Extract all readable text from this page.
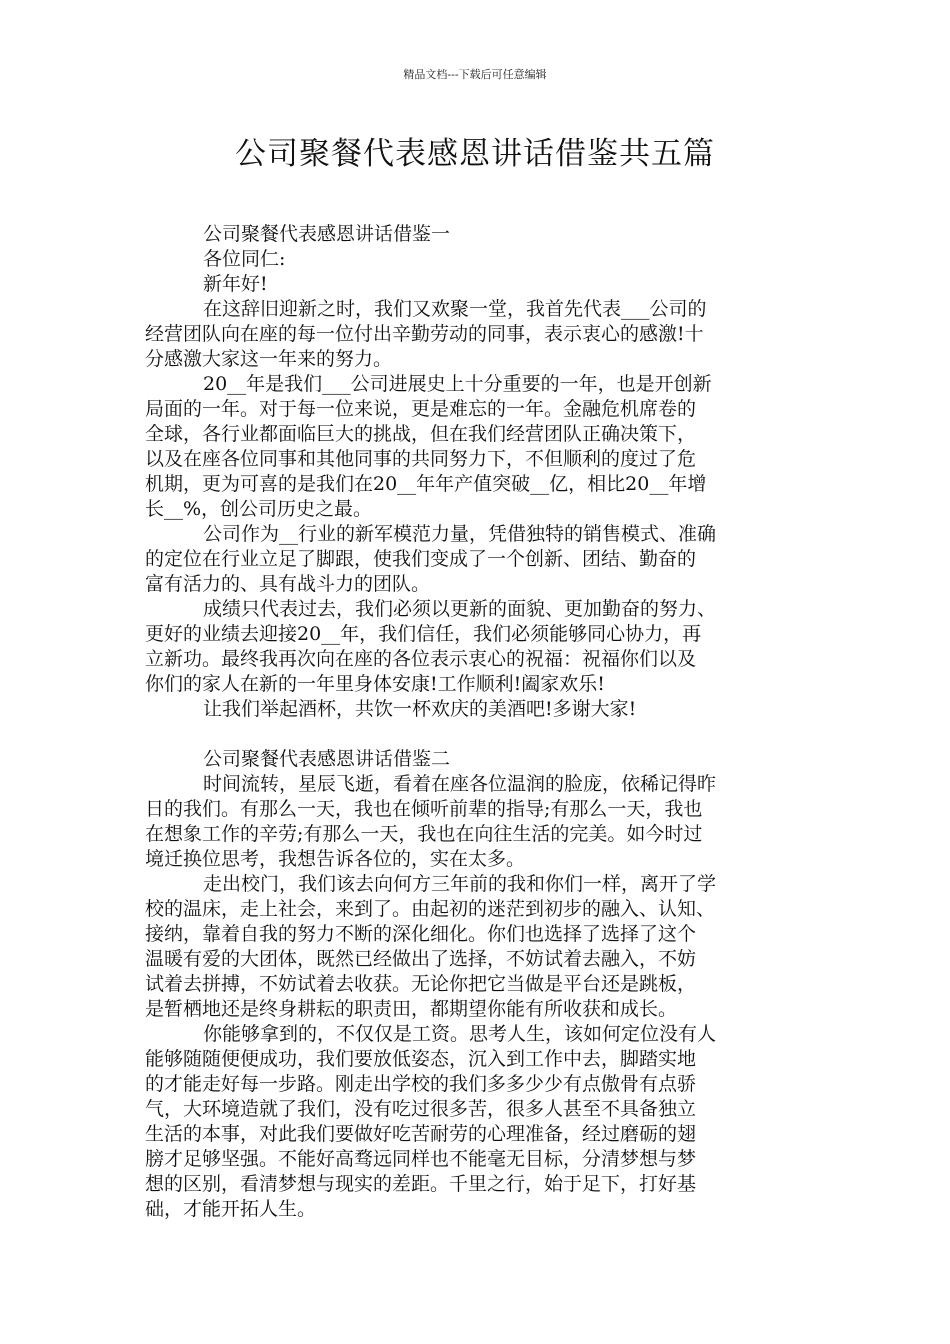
精品文档---下载后可任意编辑
公司聚餐代表感恩讲话借鉴共五篇
公司聚餐代表感恩讲话借鉴一
各位同仁:
新年好!
在这辞旧迎新之时，我们又欢聚一堂，我首先代表___公司的
经营团队向在座的每一位付出辛勤劳动的同事，表示衷心的感激!十
分感激大家这一年来的努力。
20__年是我们___公司进展史上十分重要的一年，也是开创新
局面的一年。对于每一位来说，更是难忘的一年。金融危机席卷的
全球，各行业都面临巨大的挑战，但在我们经营团队正确决策下，
以及在座各位同事和其他同事的共同努力下，不但顺利的度过了危
机期，更为可喜的是我们在20__年年产值突破__亿，相比20__年增
长__%，创公司历史之最。
公司作为__行业的新军模范力量，凭借独特的销售模式、准确
的定位在行业立足了脚跟，使我们变成了一个创新、团结、勤奋的
富有活力的、具有战斗力的团队。
成绩只代表过去，我们必须以更新的面貌、更加勤奋的努力、
更好的业绩去迎接20__年，我们信任，我们必须能够同心协力，再
立新功。最终我再次向在座的各位表示衷心的祝福：祝福你们以及
你们的家人在新的一年里身体安康!工作顺利!阖家欢乐!
让我们举起酒杯，共饮一杯欢庆的美酒吧!多谢大家!
公司聚餐代表感恩讲话借鉴二
时间流转，星辰飞逝，看着在座各位温润的脸庞，依稀记得昨
日的我们。有那么一天，我也在倾听前辈的指导;有那么一天，我也
在想象工作的辛劳;有那么一天，我也在向往生活的完美。如今时过
境迁换位思考，我想告诉各位的，实在太多。
走出校门，我们该去向何方三年前的我和你们一样，离开了学
校的温床，走上社会，来到了。由起初的迷茫到初步的融入、认知、
接纳，靠着自我的努力不断的深化细化。你们也选择了选择了这个
温暖有爱的大团体，既然已经做出了选择，不妨试着去融入，不妨
试着去拼搏，不妨试着去收获。无论你把它当做是平台还是跳板，
是暂栖地还是终身耕耘的职责田，都期望你能有所收获和成长。
你能够拿到的，不仅仅是工资。思考人生，该如何定位没有人
能够随随便便成功，我们要放低姿态，沉入到工作中去，脚踏实地
的才能走好每一步路。刚走出学校的我们多多少少有点傲骨有点骄
气，大环境造就了我们，没有吃过很多苦，很多人甚至不具备独立
生活的本事，对此我们要做好吃苦耐劳的心理准备，经过磨砺的翅
膀才足够坚强。不能好高骛远同样也不能毫无目标，分清梦想与梦
想的区别，看清梦想与现实的差距。千里之行，始于足下，打好基
础，才能开拓人生。
